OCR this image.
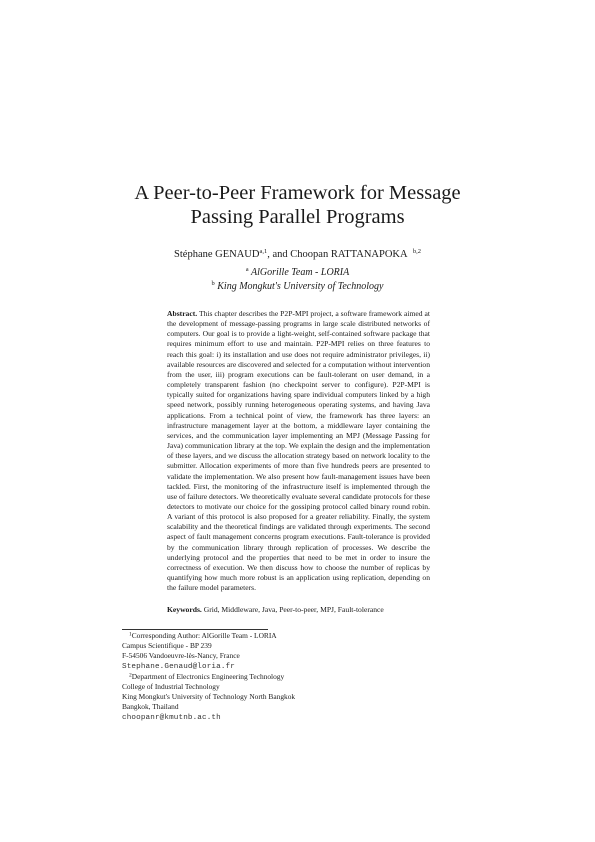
A Peer-to-Peer Framework for Message
Passing Parallel Programs
Stéphane GENAUD$^{a,1}$, and Choopan RATTANAPOKA $^{b,2}$
$^a$ AlGorille Team - LORIA
$^b$ King Mongkut's University of Technology

Abstract. This chapter describes the P2P-MPI project, a software framework aimed at the development of message-passing programs in large scale distributed networks of computers. Our goal is to provide a light-weight, self-contained software package that requires minimum effort to use and maintain. P2P-MPI relies on three features to reach this goal: i) its installation and use does not require administrator privileges, ii) available resources are discovered and selected for a computation without intervention from the user, iii) program executions can be fault-tolerant on user demand, in a completely transparent fashion (no checkpoint server to configure). P2P-MPI is typically suited for organizations having spare individual computers linked by a high speed network, possibly running heterogeneous operating systems, and having Java applications. From a technical point of view, the framework has three layers: an infrastructure management layer at the bottom, a middleware layer containing the services, and the communication layer implementing an MPJ (Message Passing for Java) communication library at the top. We explain the design and the implementation of these layers, and we discuss the allocation strategy based on network locality to the submitter. Allocation experiments of more than five hundreds peers are presented to validate the implementation. We also present how fault-management issues have been tackled. First, the monitoring of the infrastructure itself is implemented through the use of failure detectors. We theoretically evaluate several candidate protocols for these detectors to motivate our choice for the gossiping protocol called binary round robin. A variant of this protocol is also proposed for a greater reliability. Finally, the system scalability and the theoretical findings are validated through experiments. The second aspect of fault management concerns program executions. Fault-tolerance is provided by the communication library through replication of processes. We describe the underlying protocol and the properties that need to be met in order to insure the correctness of execution. We then discuss how to choose the number of replicas by quantifying how much more robust is an application using replication, depending on the failure model parameters.

Keywords. Grid, Middleware, Java, Peer-to-peer, MPJ, Fault-tolerance

$^1$Corresponding Author: AlGorille Team - LORIA
Campus Scientifique - BP 239
F-54506 Vandoeuvre-lès-Nancy, France
Stephane.Genaud@loria.fr
$^2$Department of Electronics Engineering Technology
College of Industrial Technology
King Mongkut's University of Technology North Bangkok
Bangkok, Thailand
choopanr@kmutnb.ac.th
